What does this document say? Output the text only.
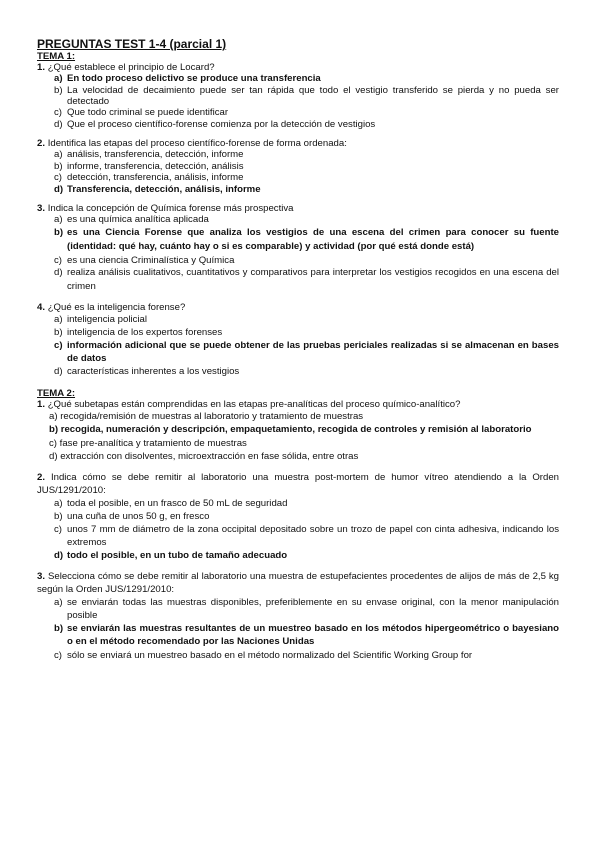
PREGUNTAS TEST 1-4 (parcial 1)

TEMA 1:

1. ¿Qué establece el principio de Locard?

a) En todo proceso delictivo se produce una transferencia
b) La velocidad de decaimiento puede ser tan rápida que todo el vestigio transferido se pierda y no pueda ser detectado
c) Que todo criminal se puede identificar
d) Que el proceso científico-forense comienza por la detección de vestigios

2. Identifica las etapas del proceso científico-forense de forma ordenada:

a) análisis, transferencia, detección, informe
b) informe, transferencia, detección, análisis
c) detección, transferencia, análisis, informe
d) Transferencia, detección, análisis, informe

3. Indica la concepción de Química forense más prospectiva

a) es una química analítica aplicada
b) es una Ciencia Forense que analiza los vestigios de una escena del crimen para conocer su fuente (identidad: qué hay, cuánto hay o si es comparable) y actividad (por qué está donde está)
c) es una ciencia Criminalística y Química
d) realiza análisis cualitativos, cuantitativos y comparativos para interpretar los vestigios recogidos en una escena del crimen

4. ¿Qué es la inteligencia forense?

a) inteligencia policial
b) inteligencia de los expertos forenses
c) información adicional que se puede obtener de las pruebas periciales realizadas si se almacenan en bases de datos
d) características inherentes a los vestigios

TEMA 2:

1. ¿Qué subetapas están comprendidas en las etapas pre-analíticas del proceso químico-analítico?

a) recogida/remisión de muestras al laboratorio y tratamiento de muestras
b) recogida, numeración y descripción, empaquetamiento, recogida de controles y remisión al laboratorio
c) fase pre-analítica y tratamiento de muestras
d) extracción con disolventes, microextracción en fase sólida, entre otras

2. Indica cómo se debe remitir al laboratorio una muestra post-mortem de humor vítreo atendiendo a la Orden JUS/1291/2010:

a) toda el posible, en un frasco de 50 mL de seguridad
b) una cuña de unos 50 g, en fresco
c) unos 7 mm de diámetro de la zona occipital depositado sobre un trozo de papel con cinta adhesiva, indicando los extremos
d) todo el posible, en un tubo de tamaño adecuado

3. Selecciona cómo se debe remitir al laboratorio una muestra de estupefacientes procedentes de alijos de más de 2,5 kg según la Orden JUS/1291/2010:

a) se enviarán todas las muestras disponibles, preferiblemente en su envase original, con la menor manipulación posible
b) se enviarán las muestras resultantes de un muestreo basado en los métodos hipergeométrico o bayesiano o en el método recomendado por las Naciones Unidas
c) sólo se enviará un muestreo basado en el método normalizado del Scientific Working Group for
